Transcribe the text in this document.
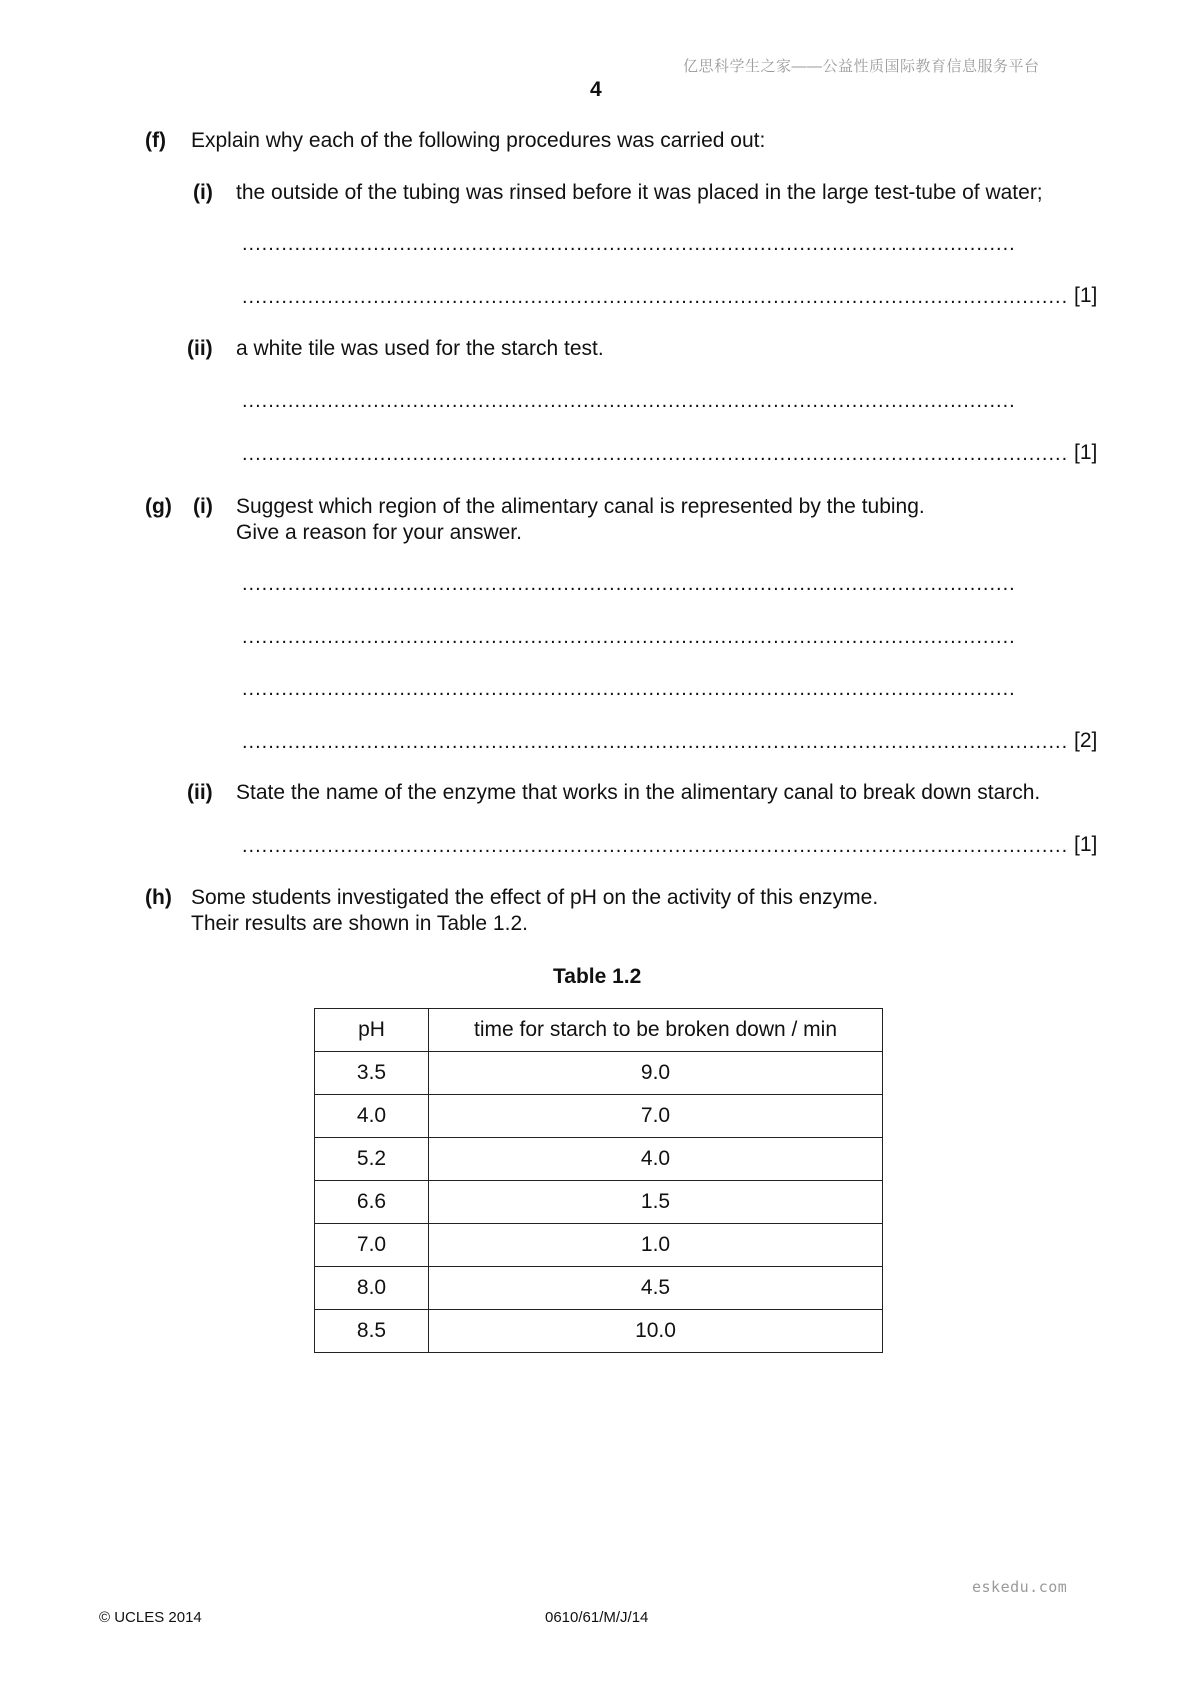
亿思科学生之家——公益性质国际教育信息服务平台
4
(f) Explain why each of the following procedures was carried out:
(i) the outside of the tubing was rinsed before it was placed in the large test-tube of water;
.....
.....
[1]
(ii) a white tile was used for the starch test.
.....
.....
[1]
(g) (i) Suggest which region of the alimentary canal is represented by the tubing.
Give a reason for your answer.
.....
.....
.....
.....
[2]
(ii) State the name of the enzyme that works in the alimentary canal to break down starch.
.....
[1]
(h) Some students investigated the effect of pH on the activity of this enzyme.
Their results are shown in Table 1.2.
Table 1.2
pH	time for starch to be broken down / min
3.5	9.0
4.0	7.0
5.2	4.0
6.6	1.5
7.0	1.0
8.0	4.5
8.5	10.0
eskedu.com
© UCLES 2014	0610/61/M/J/14
